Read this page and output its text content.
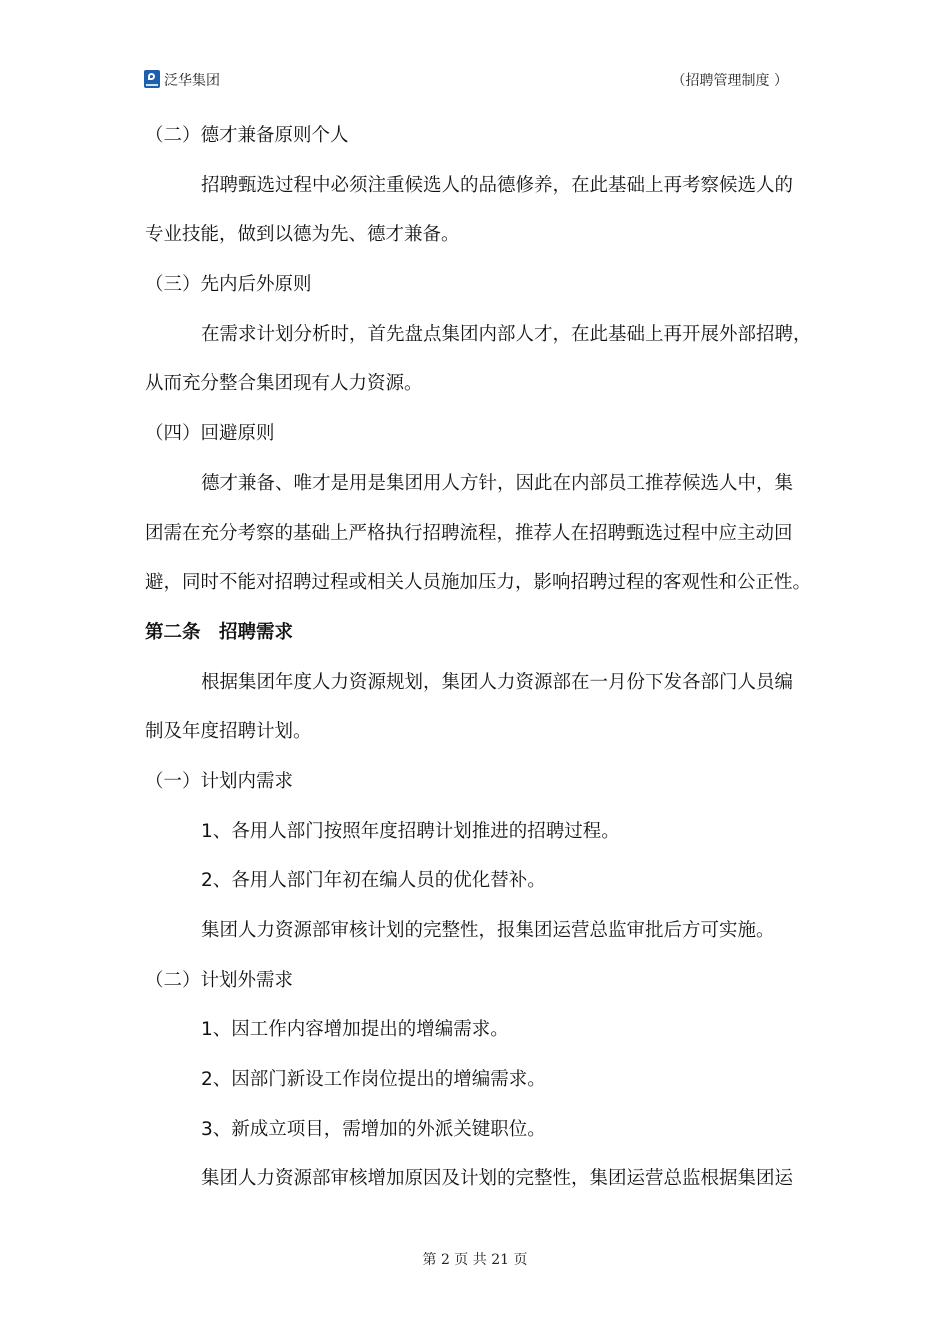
泛华集团	（招聘管理制度 ）
（二）德才兼备原则个人
招聘甄选过程中必须注重候选人的品德修养，在此基础上再考察候选人的
专业技能，做到以德为先、德才兼备。
（三）先内后外原则
在需求计划分析时，首先盘点集团内部人才，在此基础上再开展外部招聘，
从而充分整合集团现有人力资源。
（四）回避原则
德才兼备、唯才是用是集团用人方针，因此在内部员工推荐候选人中，集
团需在充分考察的基础上严格执行招聘流程，推荐人在招聘甄选过程中应主动回
避，同时不能对招聘过程或相关人员施加压力，影响招聘过程的客观性和公正性。
第二条　招聘需求
根据集团年度人力资源规划，集团人力资源部在一月份下发各部门人员编
制及年度招聘计划。
（一）计划内需求
1、各用人部门按照年度招聘计划推进的招聘过程。
2、各用人部门年初在编人员的优化替补。
集团人力资源部审核计划的完整性，报集团运营总监审批后方可实施。
（二）计划外需求
1、因工作内容增加提出的增编需求。
2、因部门新设工作岗位提出的增编需求。
3、新成立项目，需增加的外派关键职位。
集团人力资源部审核增加原因及计划的完整性，集团运营总监根据集团运
第 2 页 共 21 页
